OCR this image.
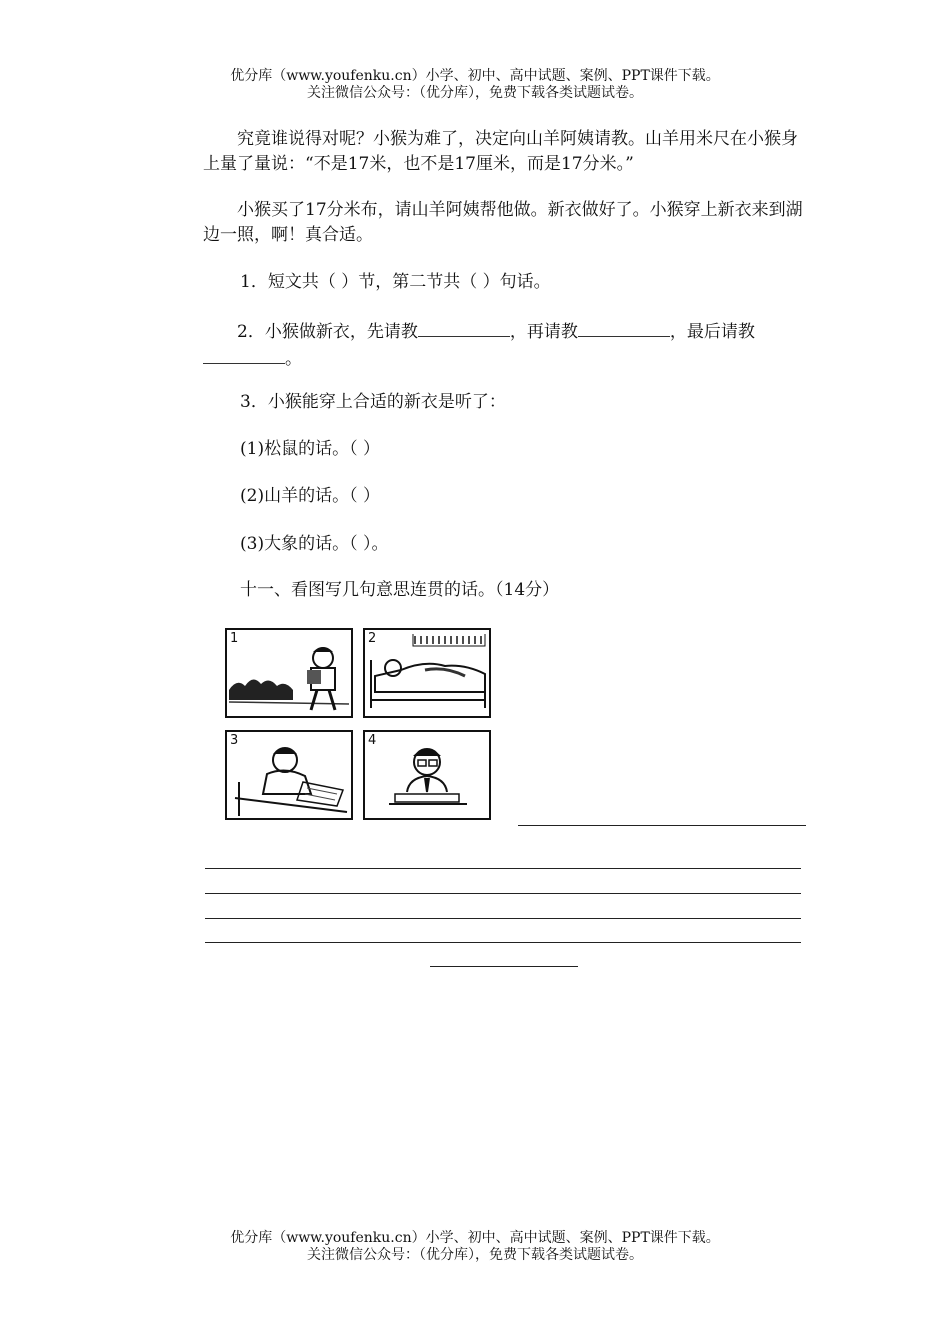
优分库（www.youfenku.cn）小学、初中、高中试题、案例、PPT课件下载。
关注微信公众号：（优分库），免费下载各类试题试卷。
究竟谁说得对呢？小猴为难了，决定向山羊阿姨请教。山羊用米尺在小猴身上量了量说：“不是17米，也不是17厘米，而是17分米。”
小猴买了17分米布，请山羊阿姨帮他做。新衣做好了。小猴穿上新衣来到湖边一照，啊！真合适。
1．短文共（ ）节，第二节共（ ）句话。
2．小猴做新衣，先请教	，再请教	，最后请教
。
3．小猴能穿上合适的新衣是听了：
(1)松鼠的话。（ ）
(2)山羊的话。（ ）
(3)大象的话。（ ）。
十一、看图写几句意思连贯的话。（14分）
1	2
3	4
优分库（www.youfenku.cn）小学、初中、高中试题、案例、PPT课件下载。
关注微信公众号：（优分库），免费下载各类试题试卷。
